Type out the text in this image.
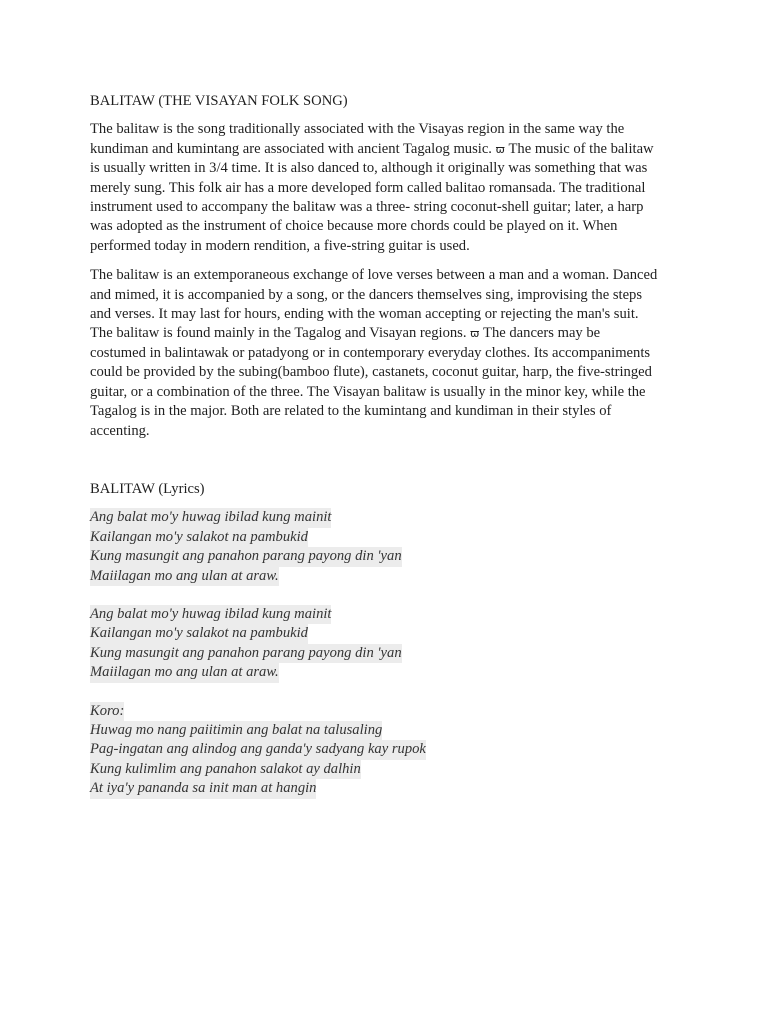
BALITAW (THE VISAYAN FOLK SONG)

The balitaw is the song traditionally associated with the Visayas region in the same way the
kundiman and kumintang are associated with ancient Tagalog music. ϖ The music of the balitaw
is usually written in 3/4 time. It is also danced to, although it originally was something that was
merely sung. This folk air has a more developed form called balitao romansada. The traditional
instrument used to accompany the balitaw was a three- string coconut-shell guitar; later, a harp
was adopted as the instrument of choice because more chords could be played on it. When
performed today in modern rendition, a five-string guitar is used.
The balitaw is an extemporaneous exchange of love verses between a man and a woman. Danced
and mimed, it is accompanied by a song, or the dancers themselves sing, improvising the steps
and verses. It may last for hours, ending with the woman accepting or rejecting the man's suit.
The balitaw is found mainly in the Tagalog and Visayan regions. ϖ The dancers may be
costumed in balintawak or patadyong or in contemporary everyday clothes. Its accompaniments
could be provided by the subing(bamboo flute), castanets, coconut guitar, harp, the five-stringed
guitar, or a combination of the three. The Visayan balitaw is usually in the minor key, while the
Tagalog is in the major. Both are related to the kumintang and kundiman in their styles of
accenting.

BALITAW (Lyrics)

Ang balat mo'y huwag ibilad kung mainit
Kailangan mo'y salakot na pambukid
Kung masungit ang panahon parang payong din 'yan
Maiilagan mo ang ulan at araw.
Ang balat mo'y huwag ibilad kung mainit
Kailangan mo'y salakot na pambukid
Kung masungit ang panahon parang payong din 'yan
Maiilagan mo ang ulan at araw.
Koro:
Huwag mo nang paiitimin ang balat na talusaling
Pag-ingatan ang alindog ang ganda'y sadyang kay rupok
Kung kulimlim ang panahon salakot ay dalhin
At iya'y pananda sa init man at hangin
